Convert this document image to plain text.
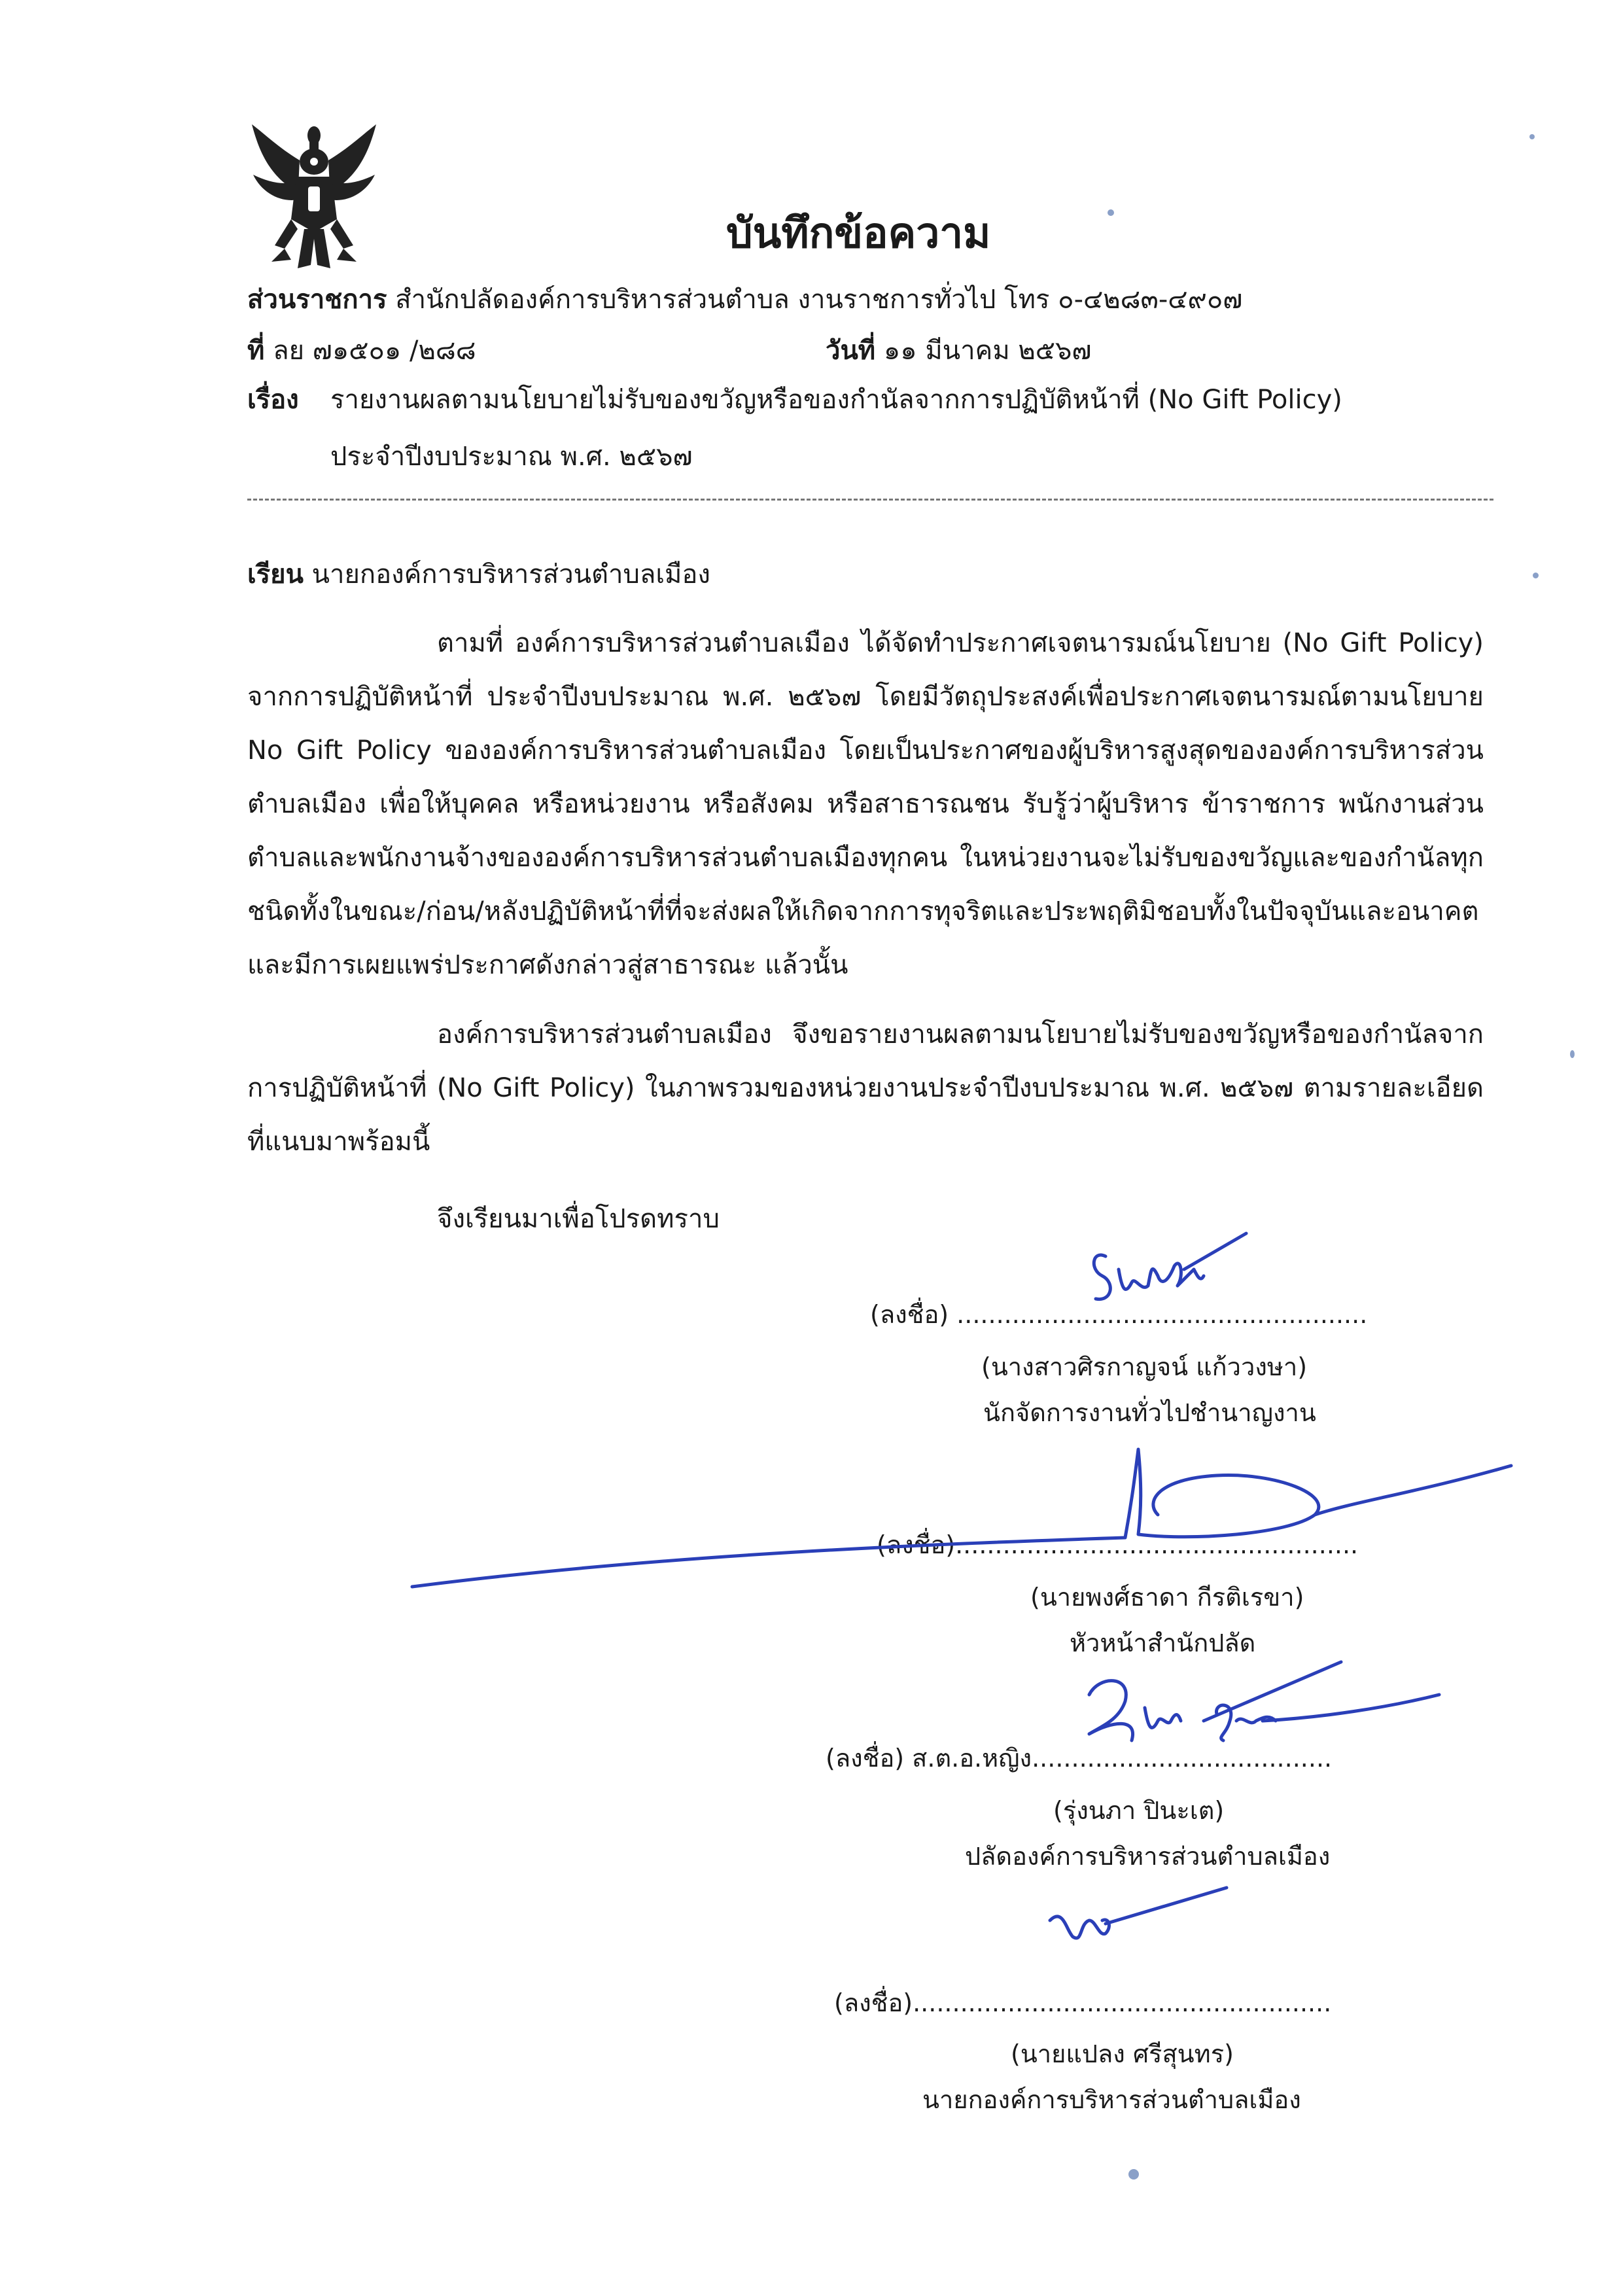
บันทึกข้อความ
ส่วนราชการ สำนักปลัดองค์การบริหารส่วนตำบล งานราชการทั่วไป โทร ๐-๔๒๘๓-๔๙๐๗
ที่ ลย ๗๑๕๐๑ /๒๘๘	วันที่ ๑๑ มีนาคม ๒๕๖๗
เรื่อง รายงานผลตามนโยบายไม่รับของขวัญหรือของกำนัลจากการปฏิบัติหน้าที่ (No Gift Policy)
ประจำปีงบประมาณ พ.ศ. ๒๕๖๗
เรียน นายกองค์การบริหารส่วนตำบลเมือง
ตามที่ องค์การบริหารส่วนตำบลเมือง ได้จัดทำประกาศเจตนารมณ์นโยบาย (No Gift Policy) จากการปฏิบัติหน้าที่ ประจำปีงบประมาณ พ.ศ. ๒๕๖๗ โดยมีวัตถุประสงค์เพื่อประกาศเจตนารมณ์ตามนโยบาย No Gift Policy ขององค์การบริหารส่วนตำบลเมือง โดยเป็นประกาศของผู้บริหารสูงสุดขององค์การบริหารส่วนตำบลเมือง เพื่อให้บุคคล หรือหน่วยงาน หรือสังคม หรือสาธารณชน รับรู้ว่าผู้บริหาร ข้าราชการ พนักงานส่วนตำบลและพนักงานจ้างขององค์การบริหารส่วนตำบลเมืองทุกคน ในหน่วยงานจะไม่รับของขวัญและของกำนัลทุกชนิดทั้งในขณะ/ก่อน/หลังปฏิบัติหน้าที่ที่จะส่งผลให้เกิดจากการทุจริตและประพฤติมิชอบทั้งในปัจจุบันและอนาคต และมีการเผยแพร่ประกาศดังกล่าวสู่สาธารณะ แล้วนั้น
องค์การบริหารส่วนตำบลเมือง จึงขอรายงานผลตามนโยบายไม่รับของขวัญหรือของกำนัลจากการปฏิบัติหน้าที่ (No Gift Policy) ในภาพรวมของหน่วยงานประจำปีงบประมาณ พ.ศ. ๒๕๖๗ ตามรายละเอียดที่แนบมาพร้อมนี้
จึงเรียนมาเพื่อโปรดทราบ
(ลงชื่อ) ....................................................
(นางสาวศิรกาญจน์ แก้ววงษา)
นักจัดการงานทั่วไปชำนาญงาน
(ลงชื่อ)...................................................
(นายพงศ์ธาดา กีรติเรขา)
หัวหน้าสำนักปลัด
(ลงชื่อ) ส.ต.อ.หญิง......................................
(รุ่งนภา ปินะเต)
ปลัดองค์การบริหารส่วนตำบลเมือง
(ลงชื่อ).....................................................
(นายแปลง ศรีสุนทร)
นายกองค์การบริหารส่วนตำบลเมือง
